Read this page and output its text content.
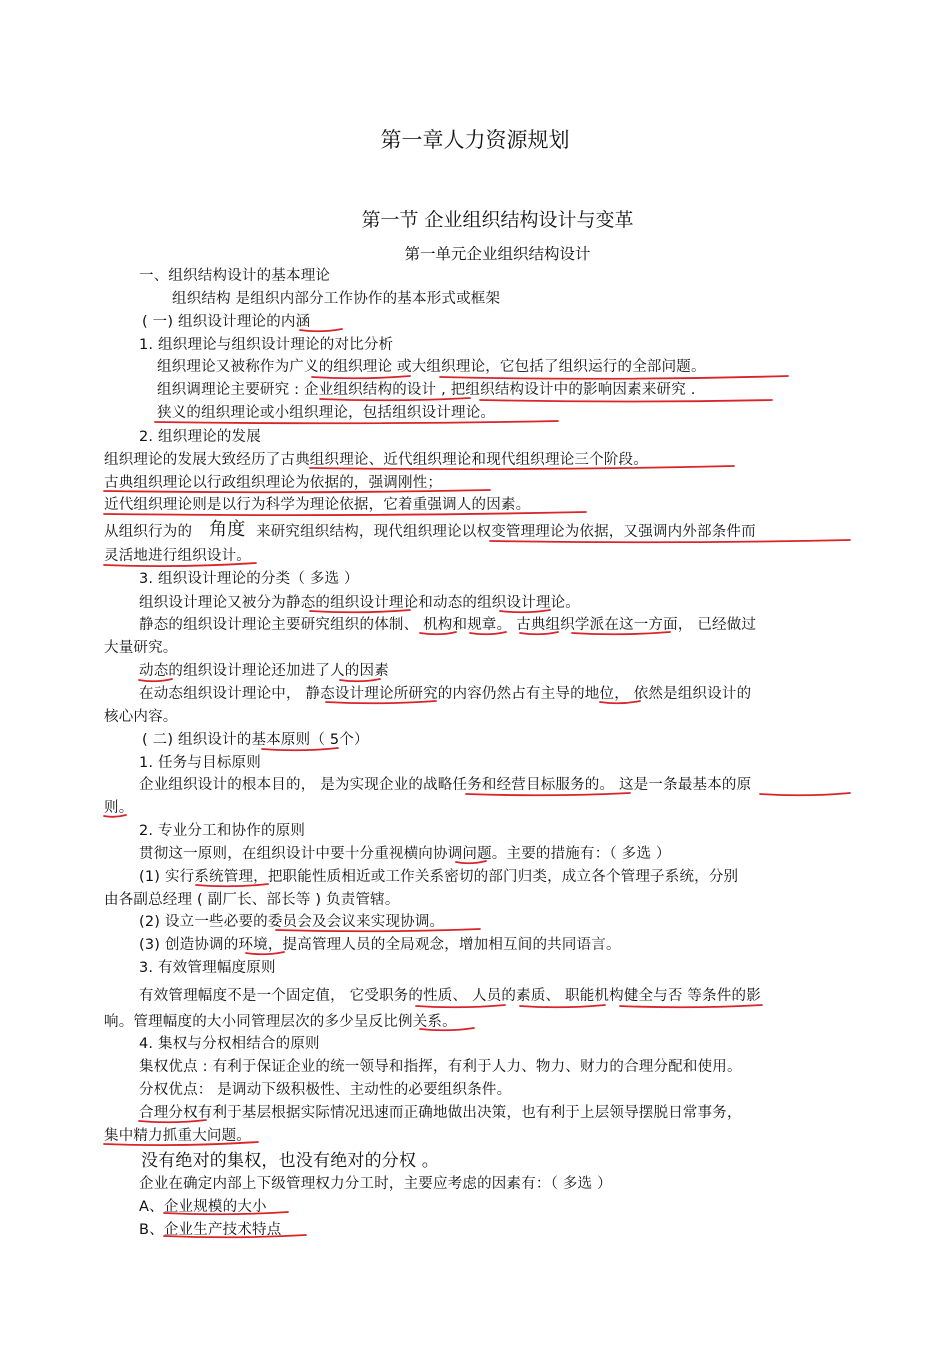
第一章人力资源规划
第一节 企业组织结构设计与变革
第一单元企业组织结构设计
一、组织结构设计的基本理论
组织结构 是组织内部分工作协作的基本形式或框架
( 一) 组织设计理论的内涵
1. 组织理论与组织设计理论的对比分析
组织理论又被称作为广义的组织理论 或大组织理论，它包括了组织运行的全部问题。
组织调理论主要研究 : 企业组织结构的设计 , 把组织结构设计中的影响因素来研究 .
狭义的组织理论或小组织理论，包括组织设计理论。
2. 组织理论的发展
组织理论的发展大致经历了古典组织理论、近代组织理论和现代组织理论三个阶段。
古典组织理论以行政组织理论为依据的，强调刚性；
近代组织理论则是以行为科学为理论依据，它着重强调人的因素。
从组织行为的 角度 来研究组织结构，现代组织理论以权变管理理论为依据，又强调内外部条件而
灵活地进行组织设计。
3. 组织设计理论的分类（ 多选 ）
组织设计理论又被分为静态的组织设计理论和动态的组织设计理论。
静态的组织设计理论主要研究组织的体制、 机构和规章。 古典组织学派在这一方面， 已经做过
大量研究。
动态的组织设计理论还加进了人的因素
在动态组织设计理论中， 静态设计理论所研究的内容仍然占有主导的地位， 依然是组织设计的
核心内容。
( 二) 组织设计的基本原则（ 5个）
1. 任务与目标原则
企业组织设计的根本目的， 是为实现企业的战略任务和经营目标服务的。 这是一条最基本的原
则。
2. 专业分工和协作的原则
贯彻这一原则，在组织设计中要十分重视横向协调问题。主要的措施有：（ 多选 ）
(1) 实行系统管理，把职能性质相近或工作关系密切的部门归类，成立各个管理子系统，分别
由各副总经理 ( 副厂长、部长等 ) 负责管辖。
(2) 设立一些必要的委员会及会议来实现协调。
(3) 创造协调的环境，提高管理人员的全局观念，增加相互间的共同语言。
3. 有效管理幅度原则
有效管理幅度不是一个固定值， 它受职务的性质、 人员的素质、 职能机构健全与否 等条件的影
响。管理幅度的大小同管理层次的多少呈反比例关系。
4. 集权与分权相结合的原则
集权优点 : 有利于保证企业的统一领导和指挥，有利于人力、物力、财力的合理分配和使用。
分权优点： 是调动下级积极性、主动性的必要组织条件。
合理分权有利于基层根据实际情况迅速而正确地做出决策，也有利于上层领导摆脱日常事务，
集中精力抓重大问题。
没有绝对的集权，也没有绝对的分权 。
企业在确定内部上下级管理权力分工时，主要应考虑的因素有：（ 多选 ）
A、企业规模的大小
B、企业生产技术特点
